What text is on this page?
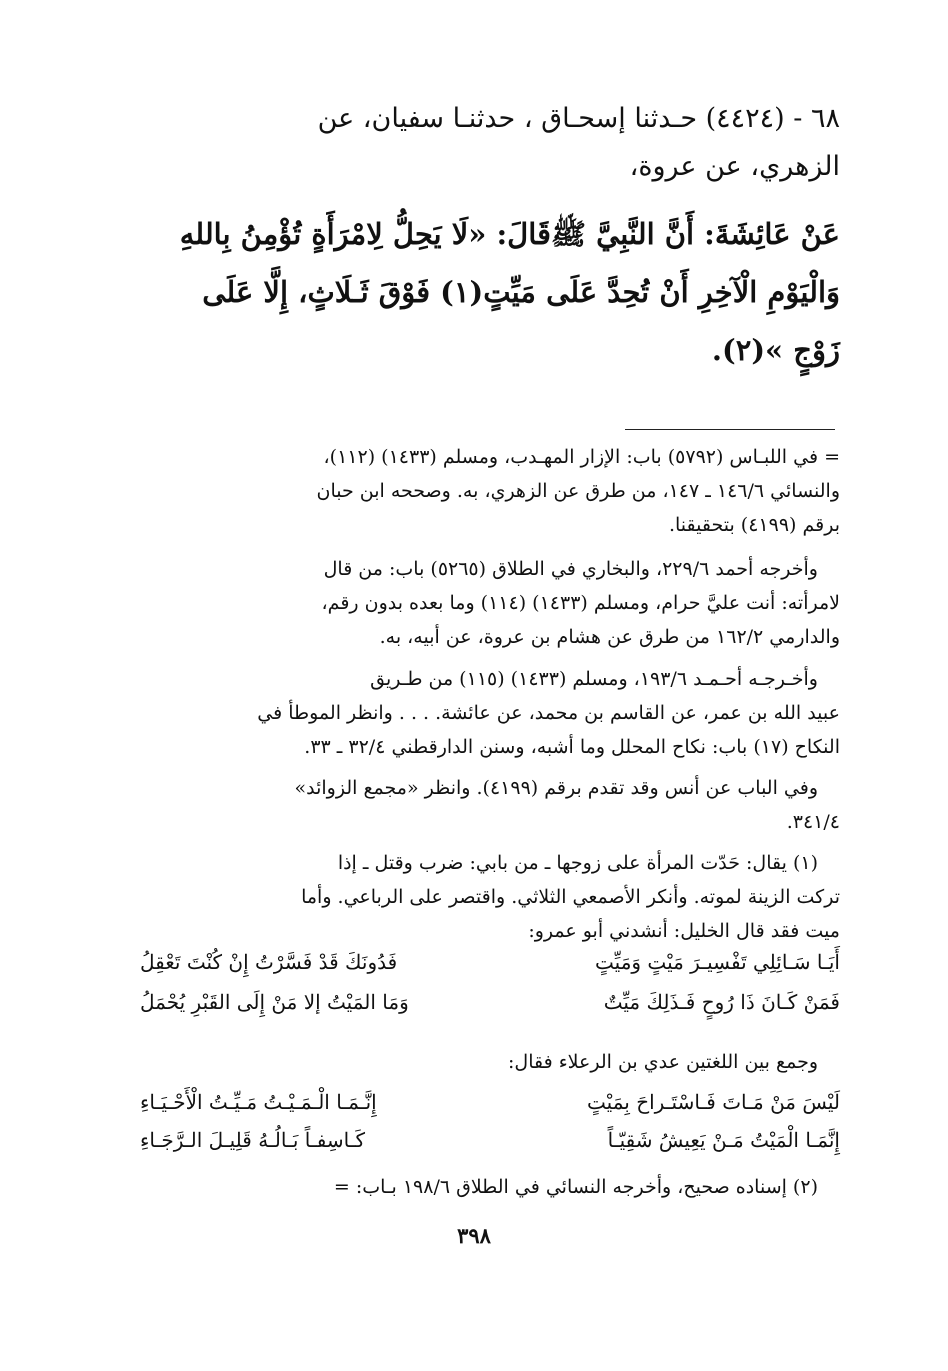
٦٨ - (٤٤٢٤) حـدثنا إسحـاق ، حدثنـا سفيان، عن
الزهري، عن عروة،
عَنْ عَائِشَةَ: أَنَّ النَّبِيَّ ﷺقَالَ: «لَا يَحِلُّ لِامْرَأَةٍ تُؤْمِنُ بِاللهِ
وَالْيَوْمِ الْآخِرِ أَنْ تُحِدَّ عَلَى مَيِّتٍ(١) فَوْقَ ثَـلَاثٍ، إِلَّا عَلَى
زَوْجٍ »(٢).
= في اللبـاس (٥٧٩٢) باب: الإزار المهـدب، ومسلم (١٤٣٣) (١١٢)،
والنسائي ١٤٦/٦ ـ ١٤٧، من طرق عن الزهري، به. وصححه ابن حبان
برقم (٤١٩٩) بتحقيقنا.
وأخرجه أحمد ٢٢٩/٦، والبخاري في الطلاق (٥٢٦٥) باب: من قال
لامرأته: أنت عليَّ حرام، ومسلم (١٤٣٣) (١١٤) وما بعده بدون رقم،
والدارمي ١٦٢/٢ من طرق عن هشام بن عروة، عن أبيه، به.
وأخـرجـه أحـمـد ١٩٣/٦، ومسلم (١٤٣٣) (١١٥) من طـريق
عبيد الله بن عمر، عن القاسم بن محمد، عن عائشة. . . . وانظر الموطأ في
النكاح (١٧) باب: نكاح المحلل وما أشبه، وسنن الدارقطني ٣٢/٤ ـ ٣٣.
وفي الباب عن أنس وقد تقدم برقم (٤١٩٩). وانظر «مجمع الزوائد»
٣٤١/٤.
(١) يقال: حَدّت المرأة على زوجها ـ من بابي: ضرب وقتل ـ إذا
تركت الزينة لموته. وأنكر الأصمعي الثلاثي. واقتصر على الرباعي. وأما
ميت فقد قال الخليل: أنشدني أبو عمرو:
أَيَـا سَـائِلِي تَفْسِيـرَ مَيْتٍ وَمَيِّتٍ
فَدُونَكَ قَدْ فَسَّرْتُ إِنْ كُنْتَ تَعْقِلُ
فَمَنْ كَـانَ ذَا رُوحٍ فَـذَلِكَ مَيِّتٌ
وَمَا المَيْتُ إلا مَنْ إِلَى القَبْرِ يُحْمَلُ
وجمع بين اللغتين عدي بن الرعلاء فقال:
لَيْسَ مَنْ مَـاتَ فَـاسْتَـراحَ بِمَيْتٍ
إِنَّـمَـا الْـمَـيْـتُ مَـيِّـتُ الْأَحْـيَـاءِ
إِنَّمَـا الْمَيْتُ مَـنْ يَعِيشُ شَقِيّـاً
كَـاسِفـاً بَـالُـهُ قَلِيـلَ الـرَّجَـاءِ
(٢) إسناده صحيح، وأخرجه النسائي في الطلاق ١٩٨/٦ بـاب: =
٣٩٨
